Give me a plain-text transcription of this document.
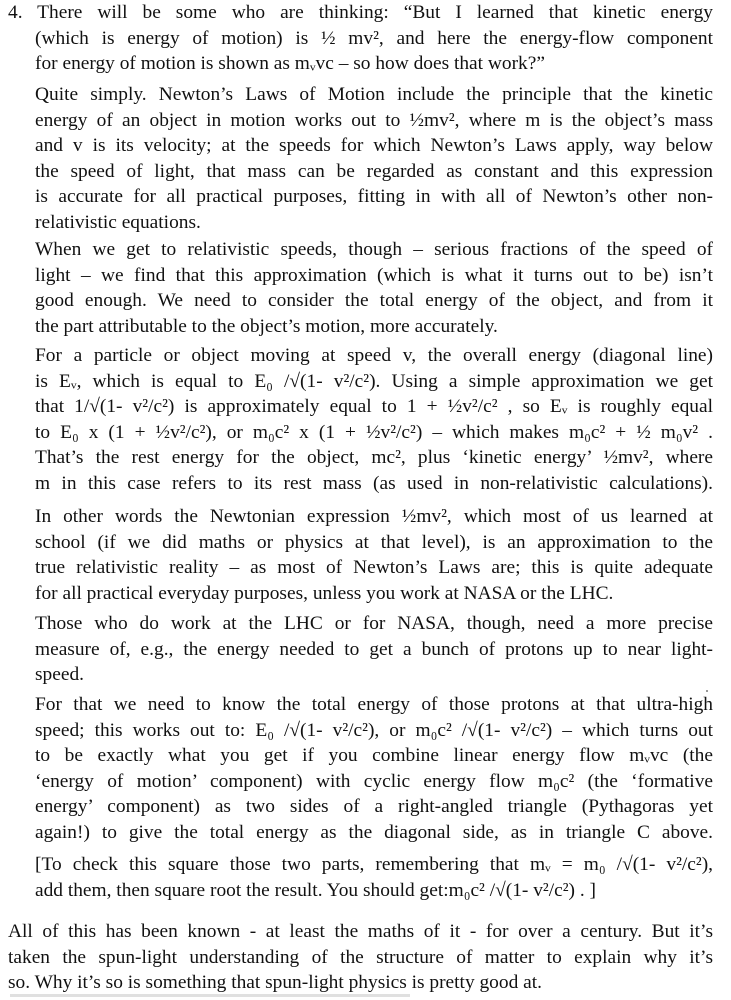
4. There will be some who are thinking: “But I learned that kinetic energy
(which is energy of motion) is ½ mv², and here the energy-flow component
for energy of motion is shown as mᵥvc – so how does that work?”

Quite simply. Newton’s Laws of Motion include the principle that the kinetic
energy of an object in motion works out to ½mv², where m is the object’s mass
and v is its velocity; at the speeds for which Newton’s Laws apply, way below
the speed of light, that mass can be regarded as constant and this expression
is accurate for all practical purposes, fitting in with all of Newton’s other non-
relativistic equations.

When we get to relativistic speeds, though – serious fractions of the speed of
light – we find that this approximation (which is what it turns out to be) isn’t
good enough. We need to consider the total energy of the object, and from it
the part attributable to the object’s motion, more accurately.

For a particle or object moving at speed v, the overall energy (diagonal line)
is Eᵥ, which is equal to E₀ /√(1- v²/c²). Using a simple approximation we get
that 1/√(1- v²/c²) is approximately equal to 1 + ½v²/c² , so Eᵥ is roughly equal
to E₀ x (1 + ½v²/c²), or m₀c² x (1 + ½v²/c²) – which makes m₀c² + ½ m₀v² .
That’s the rest energy for the object, mc², plus ‘kinetic energy’ ½mv², where
m in this case refers to its rest mass (as used in non-relativistic calculations).

In other words the Newtonian expression ½mv², which most of us learned at
school (if we did maths or physics at that level), is an approximation to the
true relativistic reality – as most of Newton’s Laws are; this is quite adequate
for all practical everyday purposes, unless you work at NASA or the LHC.

Those who do work at the LHC or for NASA, though, need a more precise
measure of, e.g., the energy needed to get a bunch of protons up to near light-
speed.

For that we need to know the total energy of those protons at that ultra-high
speed; this works out to: E₀ /√(1- v²/c²), or m₀c² /√(1- v²/c²) – which turns out
to be exactly what you get if you combine linear energy flow mᵥvc (the
‘energy of motion’ component) with cyclic energy flow m₀c² (the ‘formative
energy’ component) as two sides of a right-angled triangle (Pythagoras yet
again!) to give the total energy as the diagonal side, as in triangle C above.

[To check this square those two parts, remembering that mᵥ = m₀ /√(1- v²/c²),
add them, then square root the result. You should get:m₀c² /√(1- v²/c²) . ]

All of this has been known - at least the maths of it - for over a century. But it’s
taken the spun-light understanding of the structure of matter to explain why it’s
so. Why it’s so is something that spun-light physics is pretty good at.
